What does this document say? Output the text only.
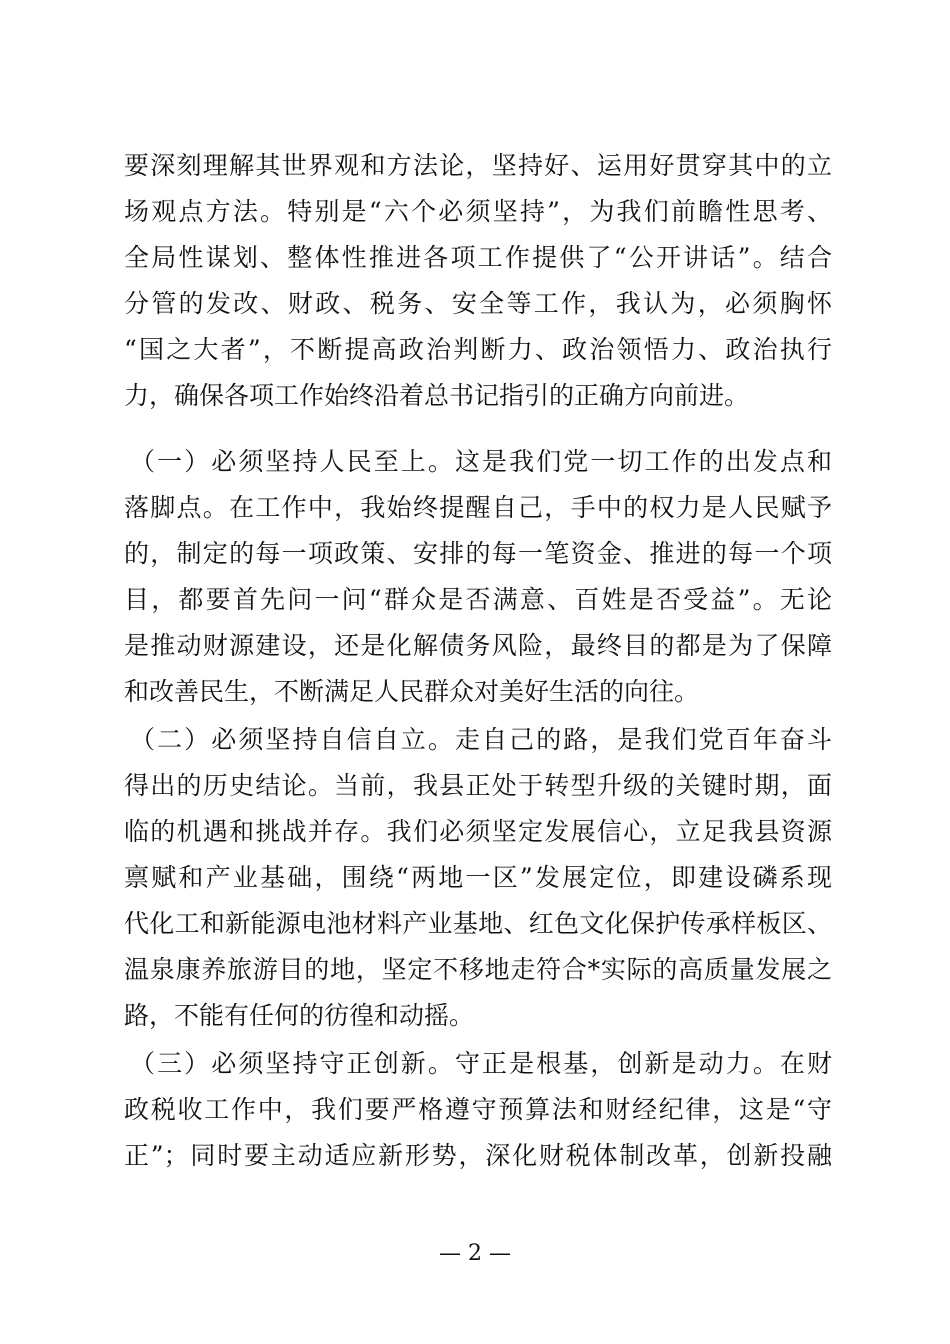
要深刻理解其世界观和方法论，坚持好、运用好贯穿其中的立
场观点方法。特别是“六个必须坚持”，为我们前瞻性思考、
全局性谋划、整体性推进各项工作提供了“公开讲话”。结合
分管的发改、财政、税务、安全等工作，我认为，必须胸怀
“国之大者”，不断提高政治判断力、政治领悟力、政治执行
力，确保各项工作始终沿着总书记指引的正确方向前进。
（一）必须坚持人民至上。这是我们党一切工作的出发点和
落脚点。在工作中，我始终提醒自己，手中的权力是人民赋予
的，制定的每一项政策、安排的每一笔资金、推进的每一个项
目，都要首先问一问“群众是否满意、百姓是否受益”。无论
是推动财源建设，还是化解债务风险，最终目的都是为了保障
和改善民生，不断满足人民群众对美好生活的向往。
（二）必须坚持自信自立。走自己的路，是我们党百年奋斗
得出的历史结论。当前，我县正处于转型升级的关键时期，面
临的机遇和挑战并存。我们必须坚定发展信心，立足我县资源
禀赋和产业基础，围绕“两地一区”发展定位，即建设磷系现
代化工和新能源电池材料产业基地、红色文化保护传承样板区、
温泉康养旅游目的地，坚定不移地走符合*实际的高质量发展之
路，不能有任何的彷徨和动摇。
（三）必须坚持守正创新。守正是根基，创新是动力。在财
政税收工作中，我们要严格遵守预算法和财经纪律，这是“守
正”；同时要主动适应新形势，深化财税体制改革，创新投融
— 2 —
